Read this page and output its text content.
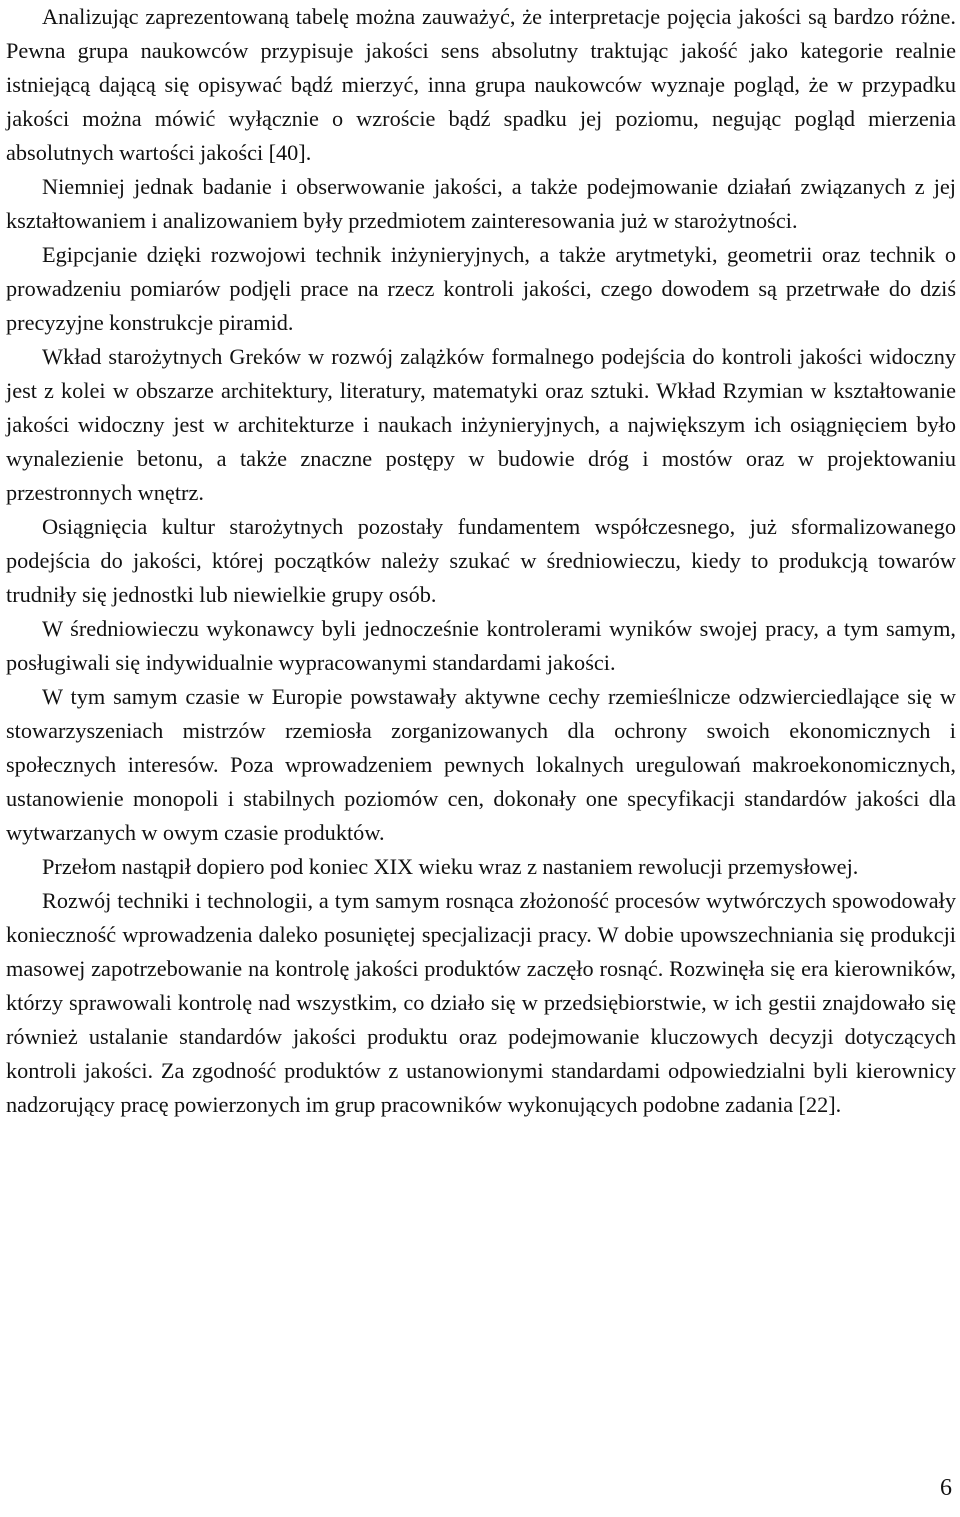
Analizując zaprezentowaną tabelę można zauważyć, że interpretacje pojęcia jakości są bardzo różne. Pewna grupa naukowców przypisuje jakości sens absolutny traktując jakość jako kategorie realnie istniejącą dającą się opisywać bądź mierzyć, inna grupa naukowców wyznaje pogląd, że w przypadku jakości można mówić wyłącznie o wzroście bądź spadku jej poziomu, negując pogląd mierzenia absolutnych wartości jakości [40].

Niemniej jednak badanie i obserwowanie jakości, a także podejmowanie działań związanych z jej kształtowaniem i analizowaniem były przedmiotem zainteresowania już w starożytności.

Egipcjanie dzięki rozwojowi technik inżynieryjnych, a także arytmetyki, geometrii oraz technik o prowadzeniu pomiarów podjęli prace na rzecz kontroli jakości, czego dowodem są przetrwałe do dziś precyzyjne konstrukcje piramid.

Wkład starożytnych Greków w rozwój zalążków formalnego podejścia do kontroli jakości widoczny jest z kolei w obszarze architektury, literatury, matematyki oraz sztuki. Wkład Rzymian w kształtowanie jakości widoczny jest w architekturze i naukach inżynieryjnych, a największym ich osiągnięciem było wynalezienie betonu, a także znaczne postępy w budowie dróg i mostów oraz w projektowaniu przestronnych wnętrz.

Osiągnięcia kultur starożytnych pozostały fundamentem współczesnego, już sformalizowanego podejścia do jakości, której początków należy szukać w średniowieczu, kiedy to produkcją towarów trudniły się jednostki lub niewielkie grupy osób.

W średniowieczu wykonawcy byli jednocześnie kontrolerami wyników swojej pracy, a tym samym, posługiwali się indywidualnie wypracowanymi standardami jakości.

W tym samym czasie w Europie powstawały aktywne cechy rzemieślnicze odzwierciedlające się w stowarzyszeniach mistrzów rzemiosła zorganizowanych dla ochrony swoich ekonomicznych i społecznych interesów. Poza wprowadzeniem pewnych lokalnych uregulowań makroekonomicznych, ustanowienie monopoli i stabilnych poziomów cen, dokonały one specyfikacji standardów jakości dla wytwarzanych w owym czasie produktów.

Przełom nastąpił dopiero pod koniec XIX wieku wraz z nastaniem rewolucji przemysłowej.

Rozwój techniki i technologii, a tym samym rosnąca złożoność procesów wytwórczych spowodowały konieczność wprowadzenia daleko posuniętej specjalizacji pracy. W dobie upowszechniania się produkcji masowej zapotrzebowanie na kontrolę jakości produktów zaczęło rosnąć. Rozwinęła się era kierowników, którzy sprawowali kontrolę nad wszystkim, co działo się w przedsiębiorstwie, w ich gestii znajdowało się również ustalanie standardów jakości produktu oraz podejmowanie kluczowych decyzji dotyczących kontroli jakości. Za zgodność produktów z ustanowionymi standardami odpowiedzialni byli kierownicy nadzorujący pracę powierzonych im grup pracowników wykonujących podobne zadania [22].

6
